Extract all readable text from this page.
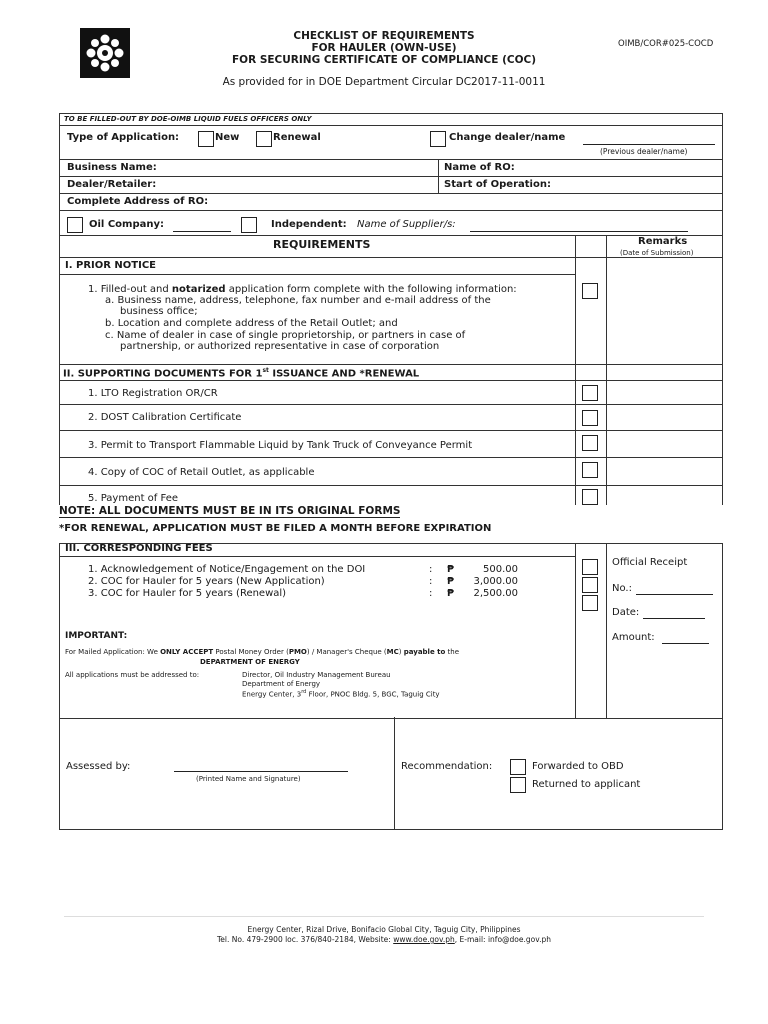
CHECKLIST OF REQUIREMENTS
FOR HAULER (OWN-USE)
FOR SECURING CERTIFICATE OF COMPLIANCE (COC)
OIMB/COR#025-COCD
As provided for in DOE Department Circular DC2017-11-0011
TO BE FILLED-OUT BY DOE-OIMB LIQUID FUELS OFFICERS ONLY
Type of Application:	New	Renewal	Change dealer/name
(Previous dealer/name)
Business Name:	Name of RO:
Dealer/Retailer:	Start of Operation:
Complete Address of RO:
Oil Company:	Independent: Name of Supplier/s:
REQUIREMENTS	Remarks
(Date of Submission)
I. PRIOR NOTICE
1. Filled-out and notarized application form complete with the following information:
a. Business name, address, telephone, fax number and e-mail address of the
business office;
b. Location and complete address of the Retail Outlet; and
c. Name of dealer in case of single proprietorship, or partners in case of
partnership, or authorized representative in case of corporation
II. SUPPORTING DOCUMENTS FOR 1st ISSUANCE AND *RENEWAL
1. LTO Registration OR/CR
2. DOST Calibration Certificate
3. Permit to Transport Flammable Liquid by Tank Truck of Conveyance Permit
4. Copy of COC of Retail Outlet, as applicable
5. Payment of Fee
III. CORRESPONDING FEES
1. Acknowledgement of Notice/Engagement on the DOI	: ₱	500.00
2. COC for Hauler for 5 years (New Application)	: ₱	3,000.00
3. COC for Hauler for 5 years (Renewal)	: ₱	2,500.00
Official Receipt
No.:
Date:
Amount:
IMPORTANT:
For Mailed Application: We ONLY ACCEPT Postal Money Order (PMO) / Manager's Cheque (MC) payable to the
DEPARTMENT OF ENERGY
All applications must be addressed to:	Director, Oil Industry Management Bureau
Department of Energy
Energy Center, 3rd Floor, PNOC Bldg. 5, BGC, Taguig City
NOTE: ALL DOCUMENTS MUST BE IN ITS ORIGINAL FORMS
*FOR RENEWAL, APPLICATION MUST BE FILED A MONTH BEFORE EXPIRATION
Assessed by:
(Printed Name and Signature)
Recommendation:	Forwarded to OBD
Returned to applicant
Energy Center, Rizal Drive, Bonifacio Global City, Taguig City, Philippines
Tel. No. 479-2900 loc. 376/840-2184, Website: www.doe.gov.ph, E-mail: info@doe.gov.ph
